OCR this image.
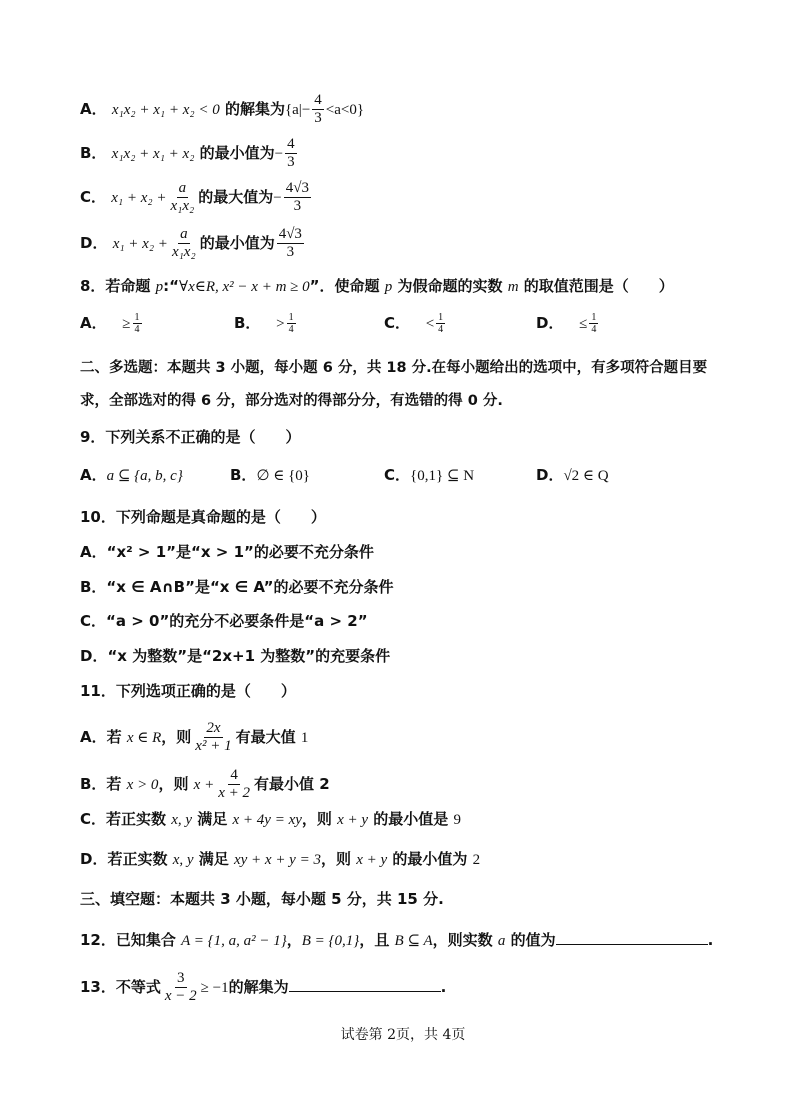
A． x₁x₂ + x₁ + x₂ < 0 的解集为$\{a|- \frac{4}{3} <a<0\}$
B． x₁x₂ + x₁ + x₂ 的最小值为− $\frac{4}{3}$
C． $x_1 + x_2 + \frac{a}{\text{x₁x₂}}$ 的最大值为− $\frac{4√3}{3}$
D． $x_1 + x_2 + \frac{a}{\text{x₁x₂}}$ 的最小值为 $\frac{4√3}{3}$
8．若命题 p:“∀x∈R, x² − x + m ≥ 0”．使命题 p 为假命题的实数 m 的取值范围是（　　）
A． ≥ $\frac{1}{4}$	B． > $\frac{1}{4}$	C． < $\frac{1}{4}$	D． ≤ $\frac{1}{4}$
二、多选题：本题共 3 小题，每小题 6 分，共 18 分.在每小题给出的选项中，有多项符合题目要
求，全部选对的得 6 分，部分选对的得部分分，有选错的得 0 分.
9．下列关系不正确的是（　　）
A．a ⊆ {a, b, c}	B．∅ ∈ {0}	C．{0,1} ⊆ N	D．√2 ∈ Q
10．下列命题是真命题的是（　　）
A．“x² > 1”是“x > 1”的必要不充分条件
B．“x ∈ A∩B”是“x ∈ A”的必要不充分条件
C．“a > 0”的充分不必要条件是“a > 2”
D．“x 为整数”是“2x+1 为整数”的充要条件
11．下列选项正确的是（　　）
A．若 x ∈ R，则 $\frac{2x}{\text{x² + 1}}$ 有最大值 1
B．若 x > 0，则 $x + \frac{4}{x + 2}$ 有最小值 2
C．若正实数 x, y 满足 x + 4y = xy，则 x + y 的最小值是 9
D．若正实数 x, y 满足 xy + x + y = 3，则 x + y 的最小值为 2
三、填空题：本题共 3 小题，每小题 5 分，共 15 分.
12．已知集合 A = {1, a, a² − 1}，B = {0,1}，且 B ⊆ A，则实数 a 的值为	.
13．不等式 $\frac{3}{x - 2} \ge -1$的解集为	.
试卷第 2页，共 4页
